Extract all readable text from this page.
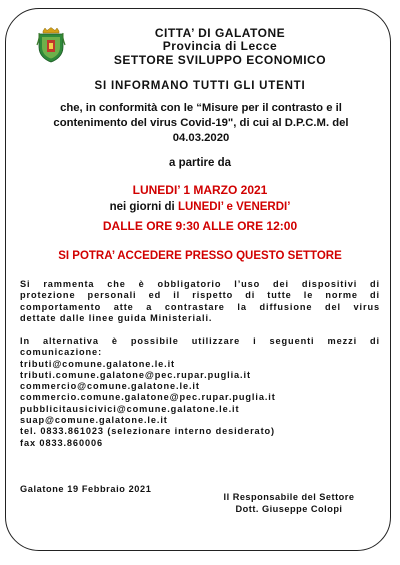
CITTA’ DI GALATONE
Provincia di Lecce
SETTORE SVILUPPO ECONOMICO
SI INFORMANO TUTTI GLI UTENTI
che, in conformità con le “Misure per il contrasto e il
contenimento del virus Covid-19", di cui al D.P.C.M. del
04.03.2020
a partire da
LUNEDI’ 1 MARZO 2021
nei giorni di LUNEDI’ e VENERDI’
DALLE ORE 9:30 ALLE ORE 12:00
SI POTRA’ ACCEDERE PRESSO QUESTO SETTORE
Si rammenta che è obbligatorio l’uso dei dispositivi di
protezione personali ed il rispetto di tutte le norme di
comportamento atte a contrastare la diffusione del virus
dettate dalle linee guida Ministeriali.
In alternativa è possibile utilizzare i seguenti mezzi di
comunicazione:
tributi@comune.galatone.le.it
tributi.comune.galatone@pec.rupar.puglia.it
commercio@comune.galatone.le.it
commercio.comune.galatone@pec.rupar.puglia.it
pubblicitausicivici@comune.galatone.le.it
suap@comune.galatone.le.it
tel. 0833.861023 (selezionare interno desiderato)
fax 0833.860006
Galatone 19 Febbraio 2021
Il Responsabile del Settore
Dott. Giuseppe Colopi
